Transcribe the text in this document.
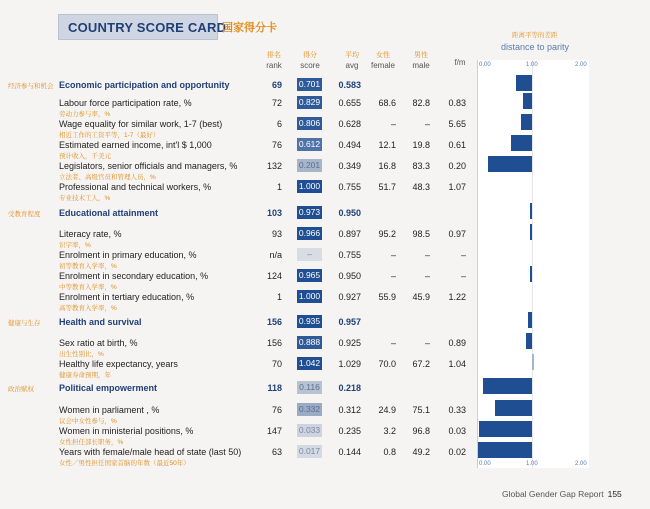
COUNTRY SCORE CARD
国家得分卡
排名
rank
得分
score
平均
avg
女性
female
男性
male
	f/m
距离平等的差距
distance to parity
0.00	1.00	2.00
0.00	1.00	2.00
经济参与和机会 Economic participation and opportunity	69 0.701 0.583
Labour force participation rate, %
劳动力参与率，%
72 0.829 0.655	68.6	82.8	0.83
Wage equality for similar work, 1-7 (best)
相近工作的工资平等，1-7（最好）
6 0.806 0.628	–	–	5.65
Estimated earned income, int'l $ 1,000
预计收入，千美元
76 0.612 0.494	12.1	19.8	0.61
Legislators, senior officials and managers, %
立法者、高级官员和管理人员，%
132 0.201 0.349	16.8	83.3	0.20
Professional and technical workers, %
专业技术工人，%
1 1.000 0.755	51.7	48.3	1.07
受教育程度 Educational attainment	103 0.973 0.950
Literacy rate, %
识字率，%
93 0.966 0.897	95.2	98.5	0.97
Enrolment in primary education, %
初等教育入学率，%
n/a	–	0.755	–	–	–
Enrolment in secondary education, %
中等教育入学率，%
124 0.965 0.950	–	–	–
Enrolment in tertiary education, %
高等教育入学率，%
1 1.000 0.927	55.9	45.9	1.22
健康与生存 Health and survival	156 0.935 0.957
Sex ratio at birth, %
出生性别比，%
156 0.888 0.925	–	–	0.89
Healthy life expectancy, years
健康寿命预期，年
70 1.042 1.029	70.0	67.2	1.04
政治赋权	Political empowerment	118 0.116 0.218
Women in parliament , %
议会中女性参与，%
76 0.332 0.312	24.9	75.1	0.33
Women in ministerial positions, %
女性担任部长职务，%
147 0.033 0.235	3.2	96.8	0.03
Years with female/male head of state (last 50)
女性／男性担任国家首脑的年数（最近50年）
63 0.017 0.144	0.8	49.2	0.02
Global Gender Gap Report 155
